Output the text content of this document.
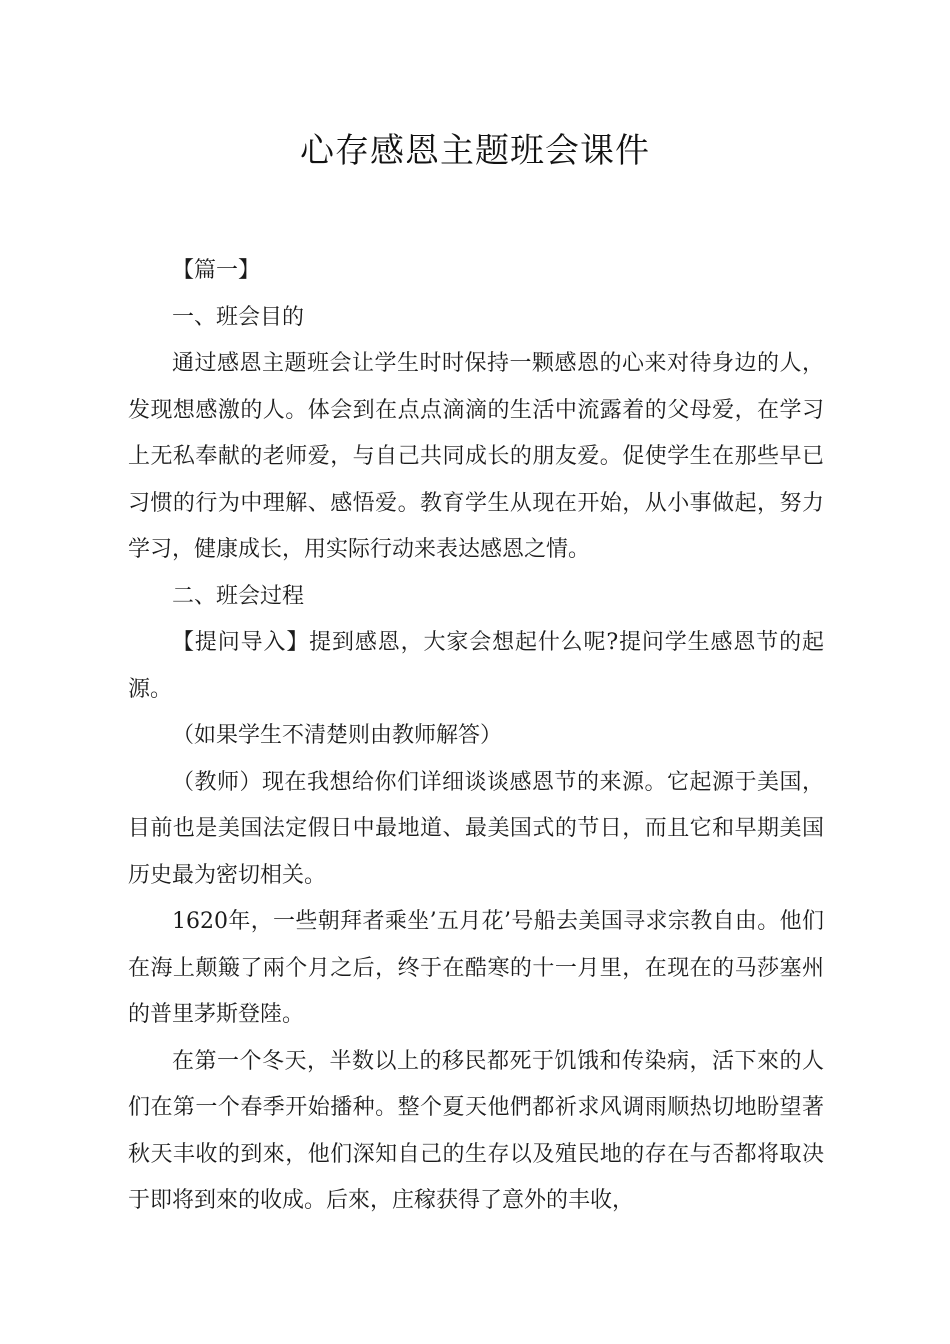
心存感恩主题班会课件
【篇一】
一、班会目的

通过感恩主题班会让学生时时保持一颗感恩的心来对待身边的人，发现想感激的人。体会到在点点滴滴的生活中流露着的父母爱，在学习上无私奉献的老师爱，与自己共同成长的朋友爱。促使学生在那些早已习惯的行为中理解、感悟爱。教育学生从现在开始，从小事做起，努力学习，健康成长，用实际行动来表达感恩之情。

二、班会过程

【提问导入】提到感恩，大家会想起什么呢?提问学生感恩节的起源。

（如果学生不清楚则由教师解答）

（教师）现在我想给你们详细谈谈感恩节的来源。它起源于美国，目前也是美国法定假日中最地道、最美国式的节日，而且它和早期美国历史最为密切相关。

1620年，一些朝拜者乘坐’五月花’号船去美国寻求宗教自由。他们在海上颠簸了兩个月之后，终于在酷寒的十一月里，在现在的马莎塞州的普里茅斯登陸。

在第一个冬天，半数以上的移民都死于饥饿和传染病，活下來的人们在第一个春季开始播种。整个夏天他們都祈求风调雨顺热切地盼望著秋天丰收的到來，他们深知自己的生存以及殖民地的存在与否都将取决于即将到來的收成。后來，庄稼获得了意外的丰收，
